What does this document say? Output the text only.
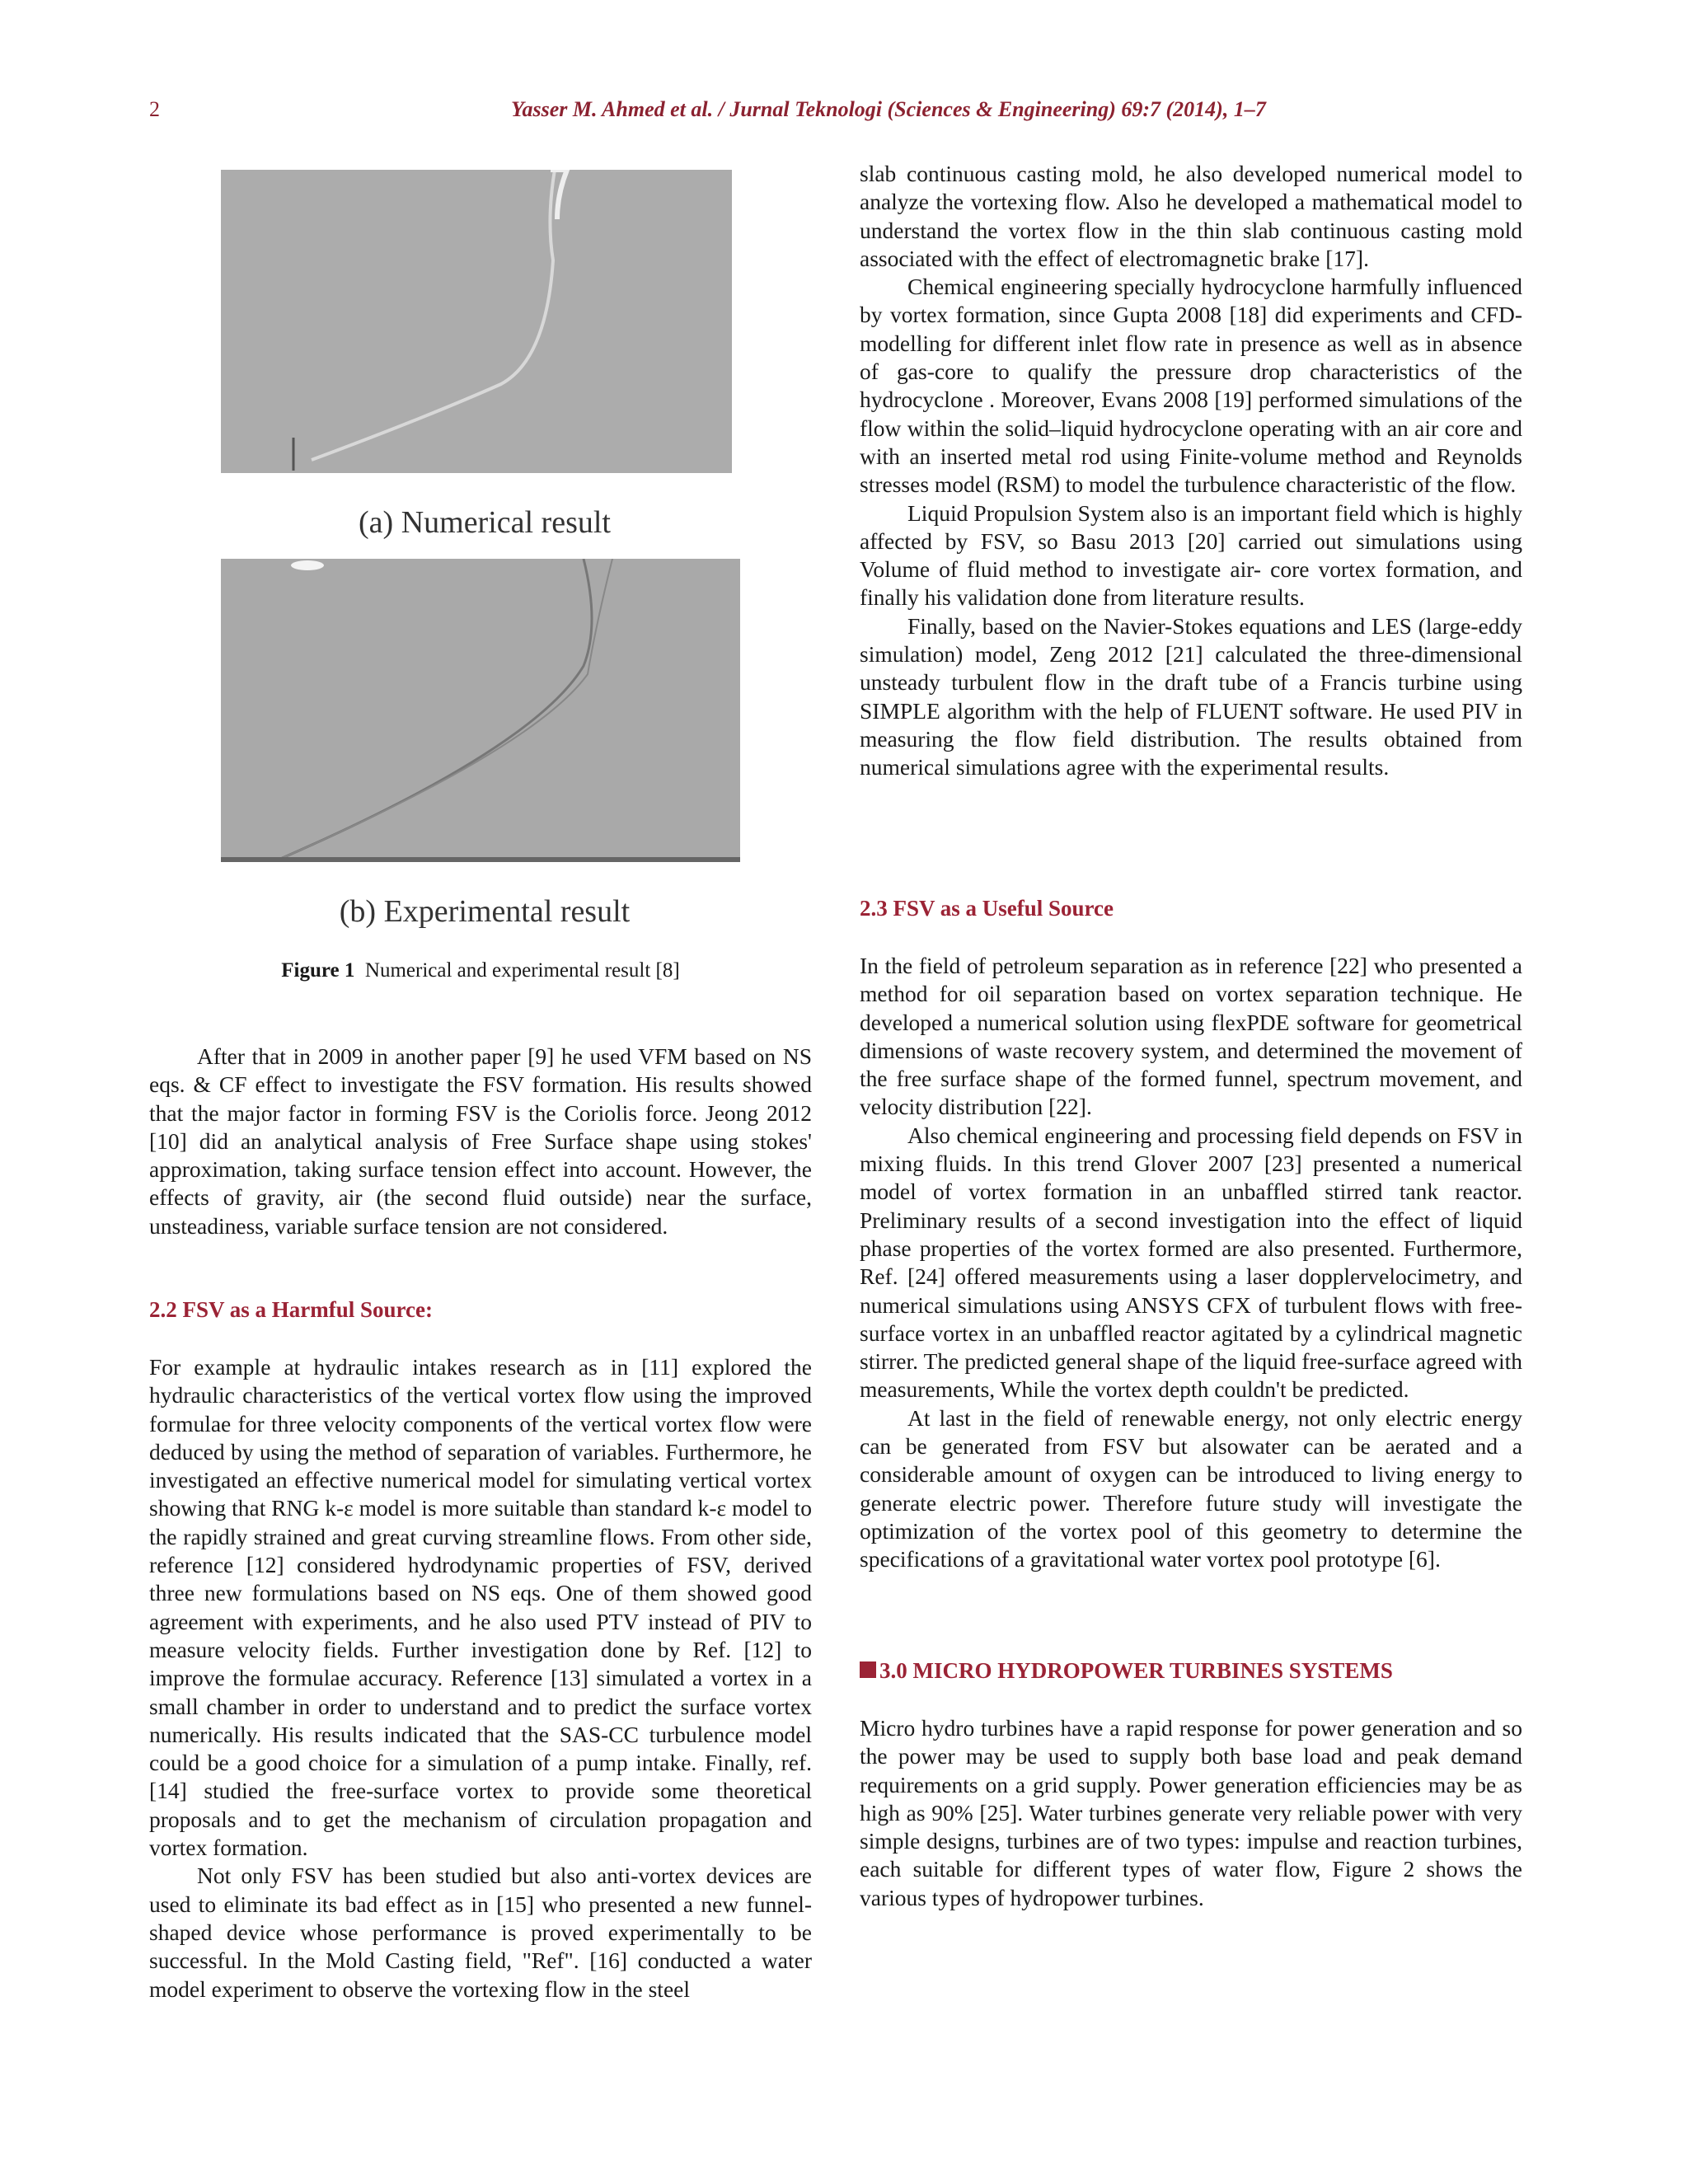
2	Yasser M. Ahmed et al. / Jurnal Teknologi (Sciences & Engineering) 69:7 (2014), 1–7
(a) Numerical result
(b) Experimental result
Figure 1 Numerical and experimental result [8]

After that in 2009 in another paper [9] he used VFM based on NS eqs. & CF effect to investigate the FSV formation. His results showed that the major factor in forming FSV is the Coriolis force. Jeong 2012 [10] did an analytical analysis of Free Surface shape using stokes' approximation, taking surface tension effect into account. However, the effects of gravity, air (the second fluid outside) near the surface, unsteadiness, variable surface tension are not considered.

2.2 FSV as a Harmful Source:

For example at hydraulic intakes research as in [11] explored the hydraulic characteristics of the vertical vortex flow using the improved formulae for three velocity components of the vertical vortex flow were deduced by using the method of separation of variables. Furthermore, he investigated an effective numerical model for simulating vertical vortex showing that RNG k-ε model is more suitable than standard k-ε model to the rapidly strained and great curving streamline flows. From other side, reference [12] considered hydrodynamic properties of FSV, derived three new formulations based on NS eqs. One of them showed good agreement with experiments, and he also used PTV instead of PIV to measure velocity fields. Further investigation done by Ref. [12] to improve the formulae accuracy. Reference [13] simulated a vortex in a small chamber in order to understand and to predict the surface vortex numerically. His results indicated that the SAS-CC turbulence model could be a good choice for a simulation of a pump intake. Finally, ref. [14] studied the free-surface vortex to provide some theoretical proposals and to get the mechanism of circulation propagation and vortex formation.

Not only FSV has been studied but also anti-vortex devices are used to eliminate its bad effect as in [15] who presented a new funnel-shaped device whose performance is proved experimentally to be successful. In the Mold Casting field, "Ref". [16] conducted a water model experiment to observe the vortexing flow in the steel

slab continuous casting mold, he also developed numerical model to analyze the vortexing flow. Also he developed a mathematical model to understand the vortex flow in the thin slab continuous casting mold associated with the effect of electromagnetic brake [17].

Chemical engineering specially hydrocyclone harmfully influenced by vortex formation, since Gupta 2008 [18] did experiments and CFD-modelling for different inlet flow rate in presence as well as in absence of gas-core to qualify the pressure drop characteristics of the hydrocyclone . Moreover, Evans 2008 [19] performed simulations of the flow within the solid–liquid hydrocyclone operating with an air core and with an inserted metal rod using Finite-volume method and Reynolds stresses model (RSM) to model the turbulence characteristic of the flow.

Liquid Propulsion System also is an important field which is highly affected by FSV, so Basu 2013 [20] carried out simulations using Volume of fluid method to investigate air- core vortex formation, and finally his validation done from literature results.

Finally, based on the Navier-Stokes equations and LES (large-eddy simulation) model, Zeng 2012 [21] calculated the three-dimensional unsteady turbulent flow in the draft tube of a Francis turbine using SIMPLE algorithm with the help of FLUENT software. He used PIV in measuring the flow field distribution. The results obtained from numerical simulations agree with the experimental results.

2.3 FSV as a Useful Source

In the field of petroleum separation as in reference [22] who presented a method for oil separation based on vortex separation technique. He developed a numerical solution using flexPDE software for geometrical dimensions of waste recovery system, and determined the movement of the free surface shape of the formed funnel, spectrum movement, and velocity distribution [22].

Also chemical engineering and processing field depends on FSV in mixing fluids. In this trend Glover 2007 [23] presented a numerical model of vortex formation in an unbaffled stirred tank reactor. Preliminary results of a second investigation into the effect of liquid phase properties of the vortex formed are also presented. Furthermore, Ref. [24] offered measurements using a laser dopplervelocimetry, and numerical simulations using ANSYS CFX of turbulent flows with free-surface vortex in an unbaffled reactor agitated by a cylindrical magnetic stirrer. The predicted general shape of the liquid free-surface agreed with measurements, While the vortex depth couldn't be predicted.

At last in the field of renewable energy, not only electric energy can be generated from FSV but alsowater can be aerated and a considerable amount of oxygen can be introduced to living energy to generate electric power. Therefore future study will investigate the optimization of the vortex pool of this geometry to determine the specifications of a gravitational water vortex pool prototype [6].

3.0 MICRO HYDROPOWER TURBINES SYSTEMS

Micro hydro turbines have a rapid response for power generation and so the power may be used to supply both base load and peak demand requirements on a grid supply. Power generation efficiencies may be as high as 90% [25]. Water turbines generate very reliable power with very simple designs, turbines are of two types: impulse and reaction turbines, each suitable for different types of water flow, Figure 2 shows the various types of hydropower turbines.
